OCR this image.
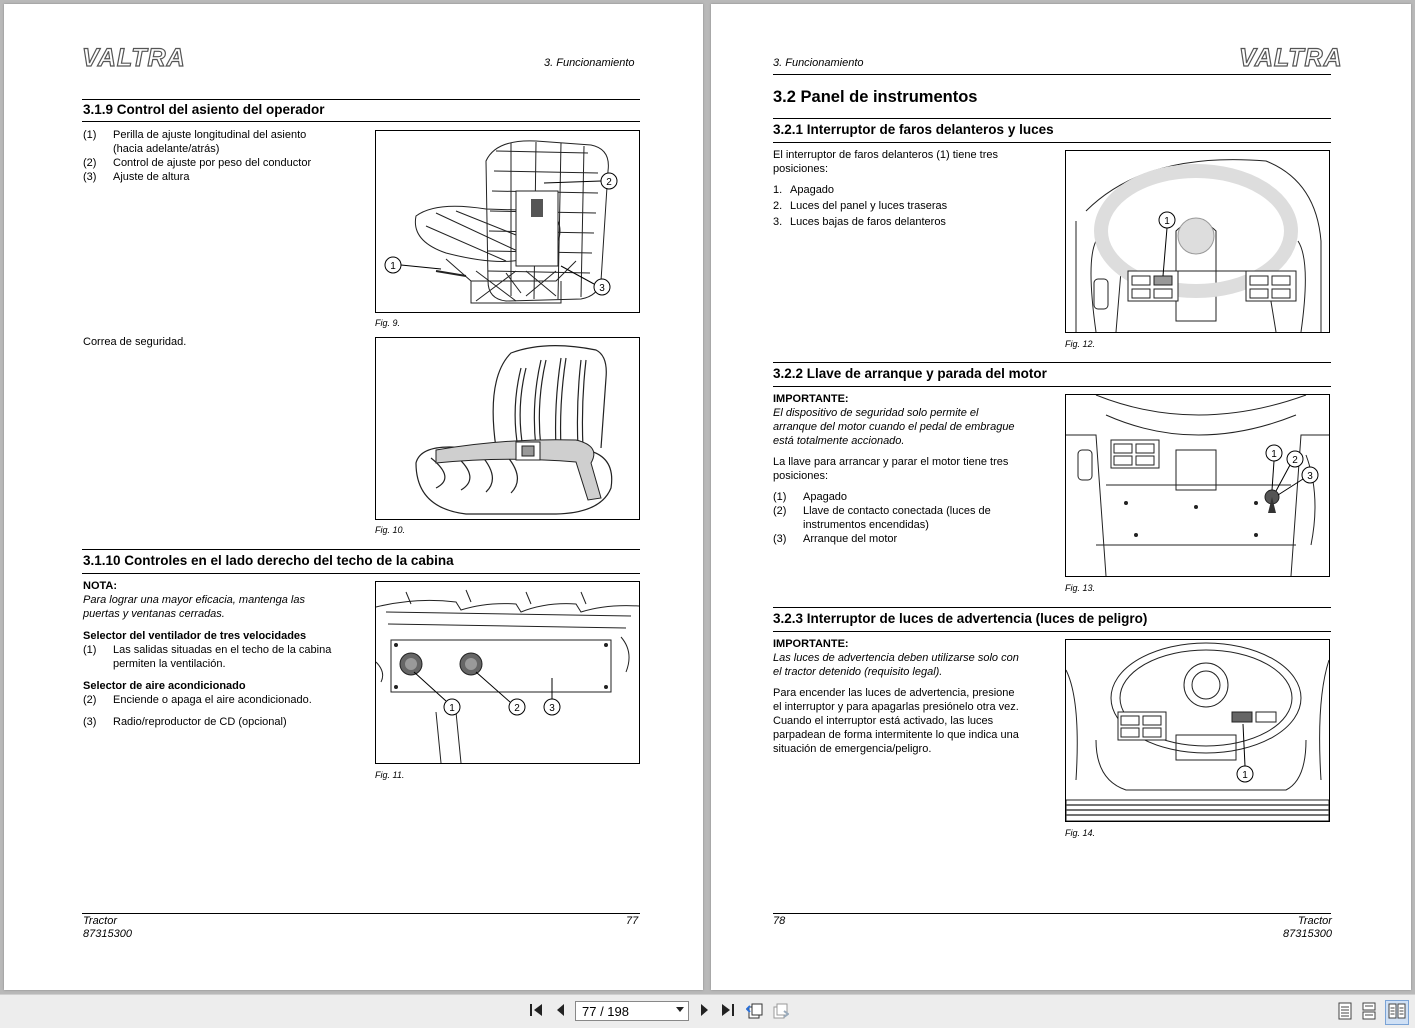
VALTRA	3. Funcionamiento
3.1.9 Control del asiento del operador
(1)	Perilla de ajuste longitudinal del asiento
(hacia adelante/atrás)
(2)	Control de ajuste por peso del conductor
(3)	Ajuste de altura
1
2
3
Fig. 9.
Correa de seguridad.
Fig. 10.
3.1.10 Controles en el lado derecho del techo de la cabina
NOTA:
Para lograr una mayor eficacia, mantenga las
puertas y ventanas cerradas.
Selector del ventilador de tres velocidades
(1)	Las salidas situadas en el techo de la cabina
permiten la ventilación.
Selector de aire acondicionado
(2)	Enciende o apaga el aire acondicionado.
(3)	Radio/reproductor de CD (opcional)
1	2	3
Fig. 11.
Tractor
87315300
77
3. Funcionamiento	VALTRA
3.2 Panel de instrumentos
3.2.1 Interruptor de faros delanteros y luces
El interruptor de faros delanteros (1) tiene tres
posiciones:
1. Apagado
2. Luces del panel y luces traseras
3. Luces bajas de faros delanteros	1
Fig. 12.
3.2.2 Llave de arranque y parada del motor
IMPORTANTE:
El dispositivo de seguridad solo permite el
arranque del motor cuando el pedal de embrague
está totalmente accionado.
La llave para arrancar y parar el motor tiene tres
posiciones:
(1)	Apagado
(2)	Llave de contacto conectada (luces de
instrumentos encendidas)
(3)	Arranque del motor
1
2
3
Fig. 13.
3.2.3 Interruptor de luces de advertencia (luces de peligro)
IMPORTANTE:
Las luces de advertencia deben utilizarse solo con
el tractor detenido (requisito legal).
Para encender las luces de advertencia, presione
el interruptor y para apagarlas presiónelo otra vez.
Cuando el interruptor está activado, las luces
parpadean de forma intermitente lo que indica una
situación de emergencia/peligro.
1
Fig. 14.
78	Tractor
87315300
77 / 198
